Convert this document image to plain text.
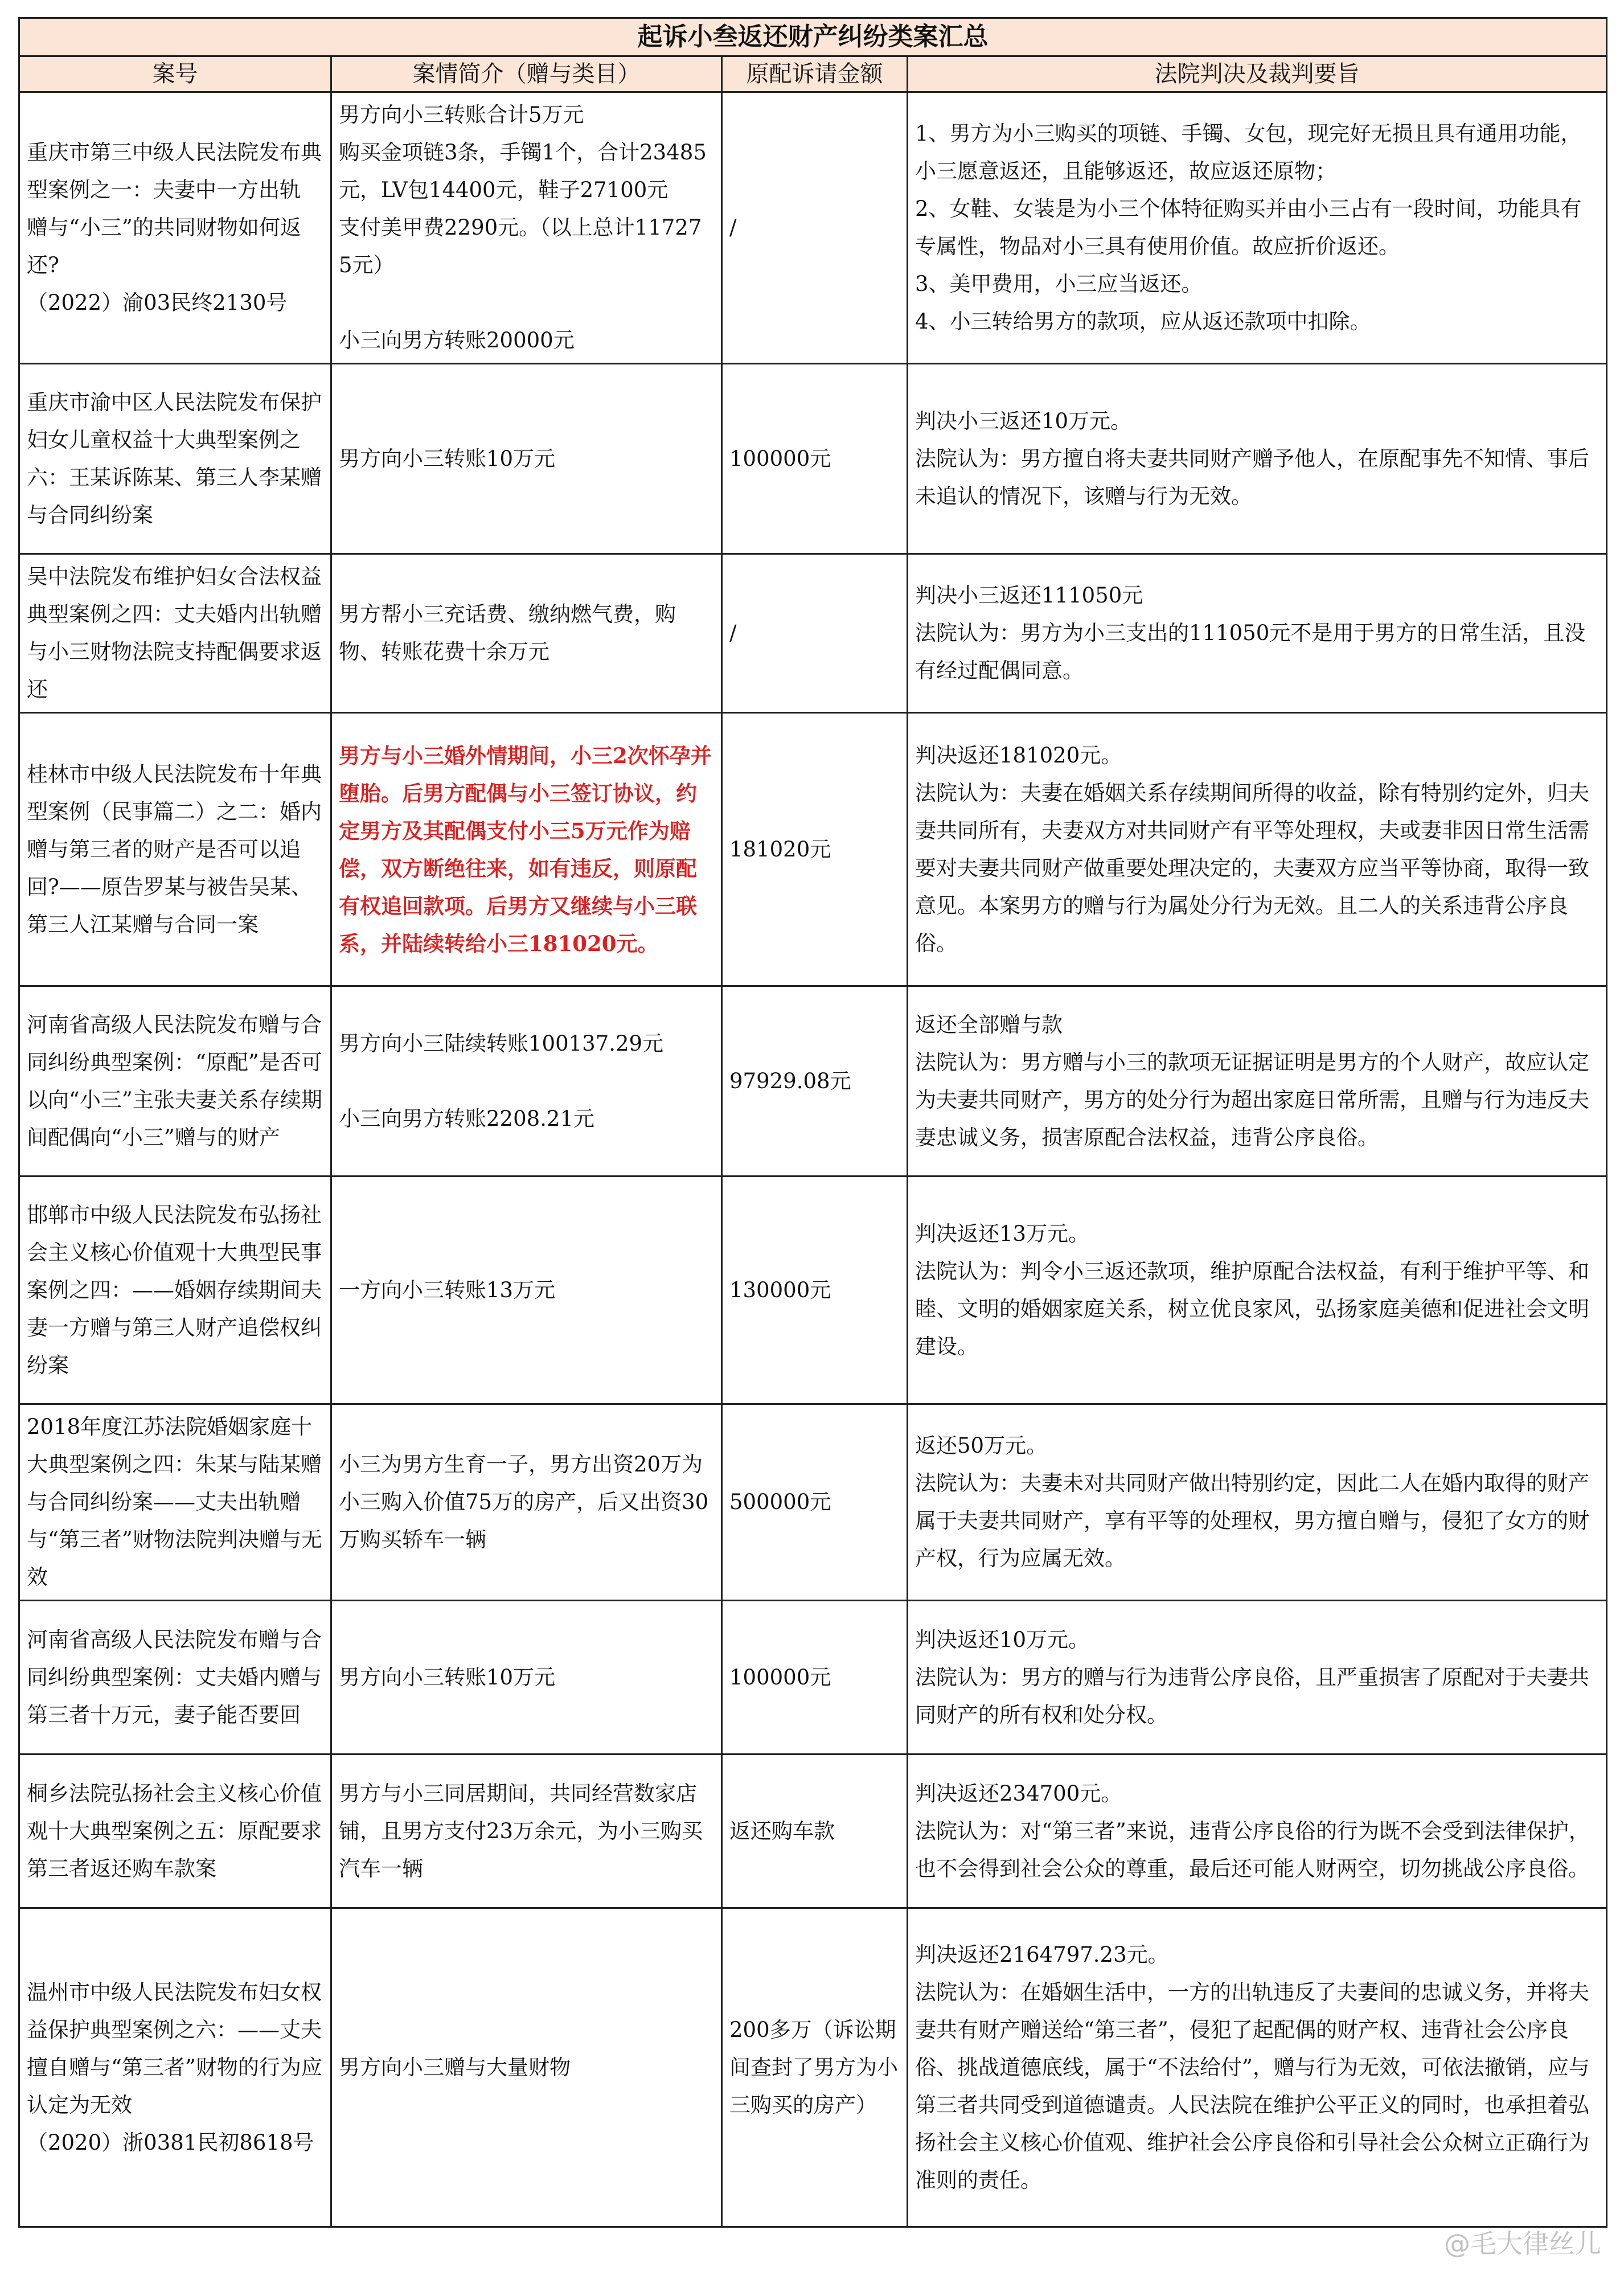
起诉小叁返还财产纠纷类案汇总			
案号	案情简介（赠与类目）	原配诉请金额	法院判决及裁判要旨
重庆市第三中级人民法院发布典型案例之一：夫妻中一方出轨 赠与“小三”的共同财物如何返还?
（2022）渝03民终2130号	男方向小三转账合计5万元
购买金项链3条，手镯1个，合计23485元，LV包14400元，鞋子27100元
支付美甲费2290元。（以上总计117275元）

小三向男方转账20000元	/	1、男方为小三购买的项链、手镯、女包，现完好无损且具有通用功能，小三愿意返还，且能够返还，故应返还原物；
2、女鞋、女装是为小三个体特征购买并由小三占有一段时间，功能具有专属性，物品对小三具有使用价值。故应折价返还。
3、美甲费用，小三应当返还。
4、小三转给男方的款项，应从返还款项中扣除。
重庆市渝中区人民法院发布保护妇女儿童权益十大典型案例之六：王某诉陈某、第三人李某赠与合同纠纷案	男方向小三转账10万元	100000元	判决小三返还10万元。
法院认为：男方擅自将夫妻共同财产赠予他人，在原配事先不知情、事后未追认的情况下，该赠与行为无效。
吴中法院发布维护妇女合法权益典型案例之四：丈夫婚内出轨赠与小三财物法院支持配偶要求返还	男方帮小三充话费、缴纳燃气费，购物、转账花费十余万元	/	判决小三返还111050元
法院认为：男方为小三支出的111050元不是用于男方的日常生活，且没有经过配偶同意。
桂林市中级人民法院发布十年典型案例（民事篇二）之二：婚内赠与第三者的财产是否可以追回?——原告罗某与被告吴某、第三人江某赠与合同一案	男方与小三婚外情期间，小三2次怀孕并堕胎。后男方配偶与小三签订协议，约定男方及其配偶支付小三5万元作为赔偿，双方断绝往来，如有违反，则原配有权追回款项。后男方又继续与小三联系，并陆续转给小三181020元。	181020元	判决返还181020元。
法院认为：夫妻在婚姻关系存续期间所得的收益，除有特别约定外，归夫妻共同所有，夫妻双方对共同财产有平等处理权，夫或妻非因日常生活需要对夫妻共同财产做重要处理决定的，夫妻双方应当平等协商，取得一致意见。本案男方的赠与行为属处分行为无效。且二人的关系违背公序良俗。
河南省高级人民法院发布赠与合同纠纷典型案例：“原配”是否可以向“小三”主张夫妻关系存续期间配偶向“小三”赠与的财产	男方向小三陆续转账100137.29元

小三向男方转账2208.21元	97929.08元	返还全部赠与款
法院认为：男方赠与小三的款项无证据证明是男方的个人财产，故应认定为夫妻共同财产，男方的处分行为超出家庭日常所需，且赠与行为违反夫妻忠诚义务，损害原配合法权益，违背公序良俗。
邯郸市中级人民法院发布弘扬社会主义核心价值观十大典型民事案例之四：——婚姻存续期间夫妻一方赠与第三人财产追偿权纠纷案	一方向小三转账13万元	130000元	判决返还13万元。
法院认为：判令小三返还款项，维护原配合法权益，有利于维护平等、和睦、文明的婚姻家庭关系，树立优良家风，弘扬家庭美德和促进社会文明建设。
2018年度江苏法院婚姻家庭十大典型案例之四：朱某与陆某赠与合同纠纷案——丈夫出轨赠与“第三者”财物法院判决赠与无效	小三为男方生育一子，男方出资20万为小三购入价值75万的房产，后又出资30万购买轿车一辆	500000元	返还50万元。
法院认为：夫妻未对共同财产做出特别约定，因此二人在婚内取得的财产属于夫妻共同财产，享有平等的处理权，男方擅自赠与，侵犯了女方的财产权，行为应属无效。
河南省高级人民法院发布赠与合同纠纷典型案例：丈夫婚内赠与第三者十万元，妻子能否要回	男方向小三转账10万元	100000元	判决返还10万元。
法院认为：男方的赠与行为违背公序良俗，且严重损害了原配对于夫妻共同财产的所有权和处分权。
桐乡法院弘扬社会主义核心价值观十大典型案例之五：原配要求第三者返还购车款案	男方与小三同居期间，共同经营数家店铺，且男方支付23万余元，为小三购买汽车一辆	返还购车款	判决返还234700元。
法院认为：对“第三者”来说，违背公序良俗的行为既不会受到法律保护，也不会得到社会公众的尊重，最后还可能人财两空，切勿挑战公序良俗。
温州市中级人民法院发布妇女权益保护典型案例之六：——丈夫擅自赠与“第三者”财物的行为应认定为无效
（2020）浙0381民初8618号	男方向小三赠与大量财物	200多万（诉讼期间查封了男方为小三购买的房产）	判决返还2164797.23元。
法院认为：在婚姻生活中，一方的出轨违反了夫妻间的忠诚义务，并将夫妻共有财产赠送给“第三者”，侵犯了起配偶的财产权、违背社会公序良俗、挑战道德底线，属于“不法给付”，赠与行为无效，可依法撤销，应与第三者共同受到道德谴责。人民法院在维护公平正义的同时，也承担着弘扬社会主义核心价值观、维护社会公序良俗和引导社会公众树立正确行为准则的责任。
@毛大律丝儿
